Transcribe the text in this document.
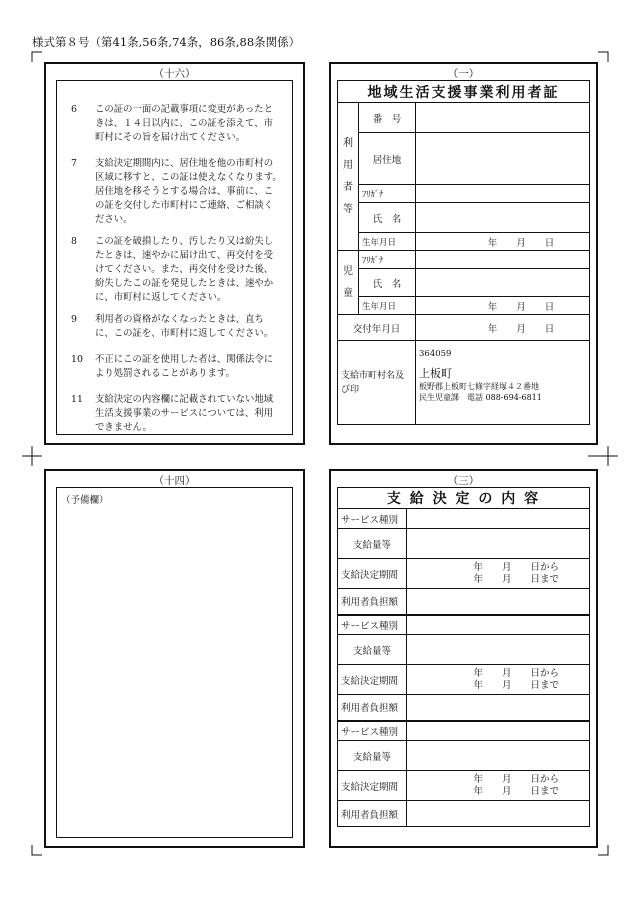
様式第８号（第41条,56条,74条，86条,88条関係）
（十六）
6 この証の一面の記載事項に変更があったときは、１４日以内に、この証を添えて、市町村にその旨を届け出てください。
7 支給決定期間内に、居住地を他の市町村の区域に移すと、この証は使えなくなります。居住地を移そうとする場合は、事前に、この証を交付した市町村にご連絡、ご相談ください。
8 この証を破損したり、汚したり又は紛失したときは、速やかに届け出て、再交付を受けてください。また、再交付を受けた後、紛失したこの証を発見したときは、速やかに、市町村に返してください。
9 利用者の資格がなくなったときは、直ちに、この証を、市町村に返してください。
10 不正にこの証を使用した者は、関係法令により処罰されることがあります。
11 支給決定の内容欄に記載されていない地域生活支援事業のサービスについては、利用できません。
（一）
地域生活支援事業利用者証		
利
用
者
等	番　号	
	居住地	
	ﾌﾘｶﾞﾅ	
	氏　名	
	生年月日	年　　月　　日
児
童	ﾌﾘｶﾞﾅ	
	氏　名	
	生年月日	年　　月　　日
交付年月日		年　　月　　日
支給市町村名及び印		364059
上板町
板野郡上板町七條字経塚４２番地
民生児童課　電話 088-694-6811
（十四）
（予備欄）
（三）
支 給 決 定 の 内 容	
サービス種別	
支給量等	
支給決定期間	年　　月　　日から
年　　月　　日まで
利用者負担額	
サービス種別	
支給量等	
支給決定期間	年　　月　　日から
年　　月　　日まで
利用者負担額	
サービス種別	
支給量等	
支給決定期間	年　　月　　日から
年　　月　　日まで
利用者負担額	
